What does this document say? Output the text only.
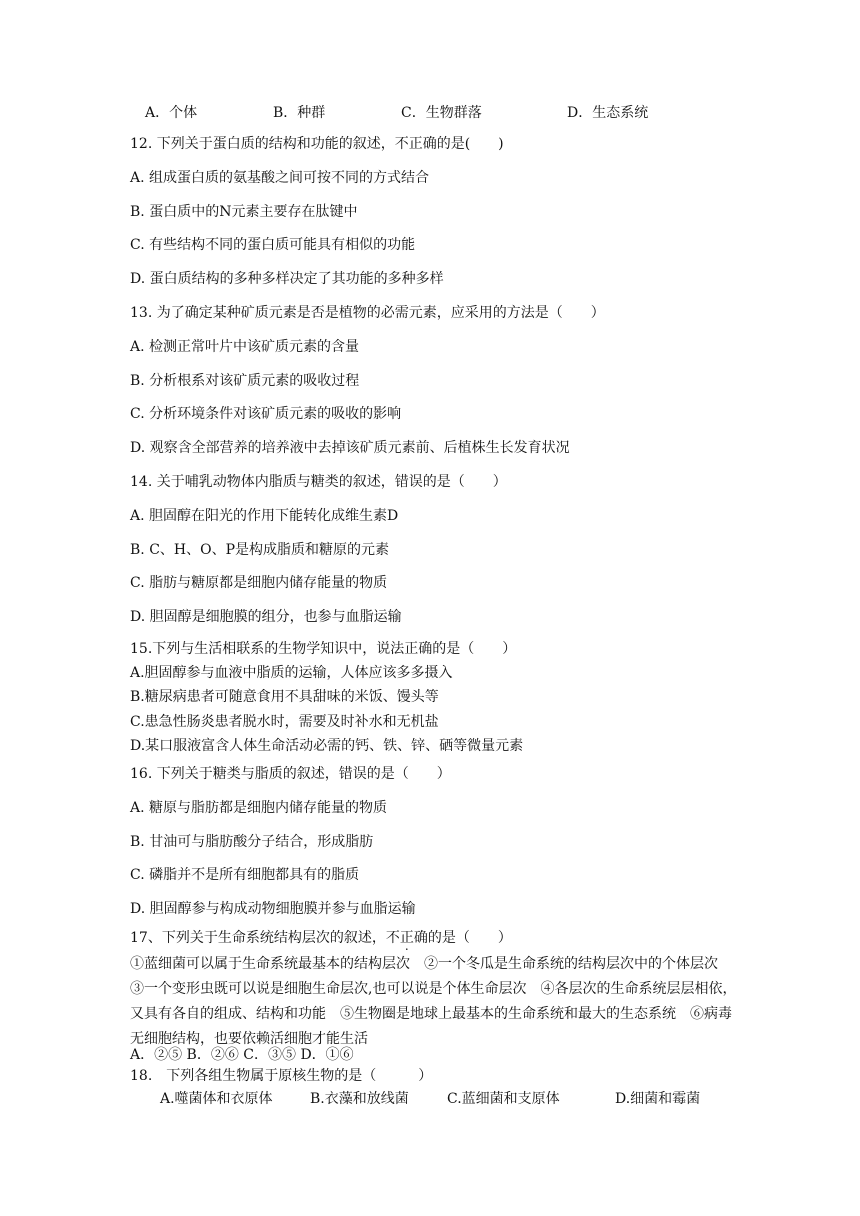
A．个体	B．种群	C．生物群落	D．生态系统
12. 下列关于蛋白质的结构和功能的叙述，不正确的是(　　)
A. 组成蛋白质的氨基酸之间可按不同的方式结合
B. 蛋白质中的N元素主要存在肽键中
C. 有些结构不同的蛋白质可能具有相似的功能
D. 蛋白质结构的多种多样决定了其功能的多种多样
13. 为了确定某种矿质元素是否是植物的必需元素，应采用的方法是（　　）
A. 检测正常叶片中该矿质元素的含量
B. 分析根系对该矿质元素的吸收过程
C. 分析环境条件对该矿质元素的吸收的影响
D. 观察含全部营养的培养液中去掉该矿质元素前、后植株生长发育状况
14. 关于哺乳动物体内脂质与糖类的叙述，错误的是（　　）
A. 胆固醇在阳光的作用下能转化成维生素D
B. C、H、O、P是构成脂质和糖原的元素
C. 脂肪与糖原都是细胞内储存能量的物质
D. 胆固醇是细胞膜的组分，也参与血脂运输
15.下列与生活相联系的生物学知识中，说法正确的是（　　）
A.胆固醇参与血液中脂质的运输，人体应该多多摄入
B.糖尿病患者可随意食用不具甜味的米饭、馒头等
C.患急性肠炎患者脱水时，需要及时补水和无机盐
D.某口服液富含人体生命活动必需的钙、铁、锌、硒等微量元素
16. 下列关于糖类与脂质的叙述，错误的是（　　）
A. 糖原与脂肪都是细胞内储存能量的物质
B. 甘油可与脂肪酸分子结合，形成脂肪
C. 磷脂并不是所有细胞都具有的脂质
D. 胆固醇参与构成动物细胞膜并参与血脂运输
17、下列关于生命系统结构层次的叙述，不正确的是（　　）
①蓝细菌可以属于生命系统最基本的结构层次　②一个冬瓜是生命系统的结构层次中的个体层次　③一个变形虫既可以说是细胞生命层次,也可以说是个体生命层次　④各层次的生命系统层层相依，又具有各自的组成、结构和功能　⑤生物圈是地球上最基本的生命系统和最大的生态系统　⑥病毒无细胞结构，也要依赖活细胞才能生活
A．②⑤ B．②⑥ C．③⑤ D．①⑥
18.　下列各组生物属于原核生物的是（　　　）
A.噬菌体和衣原体	B.衣藻和放线菌	C.蓝细菌和支原体	D.细菌和霉菌
